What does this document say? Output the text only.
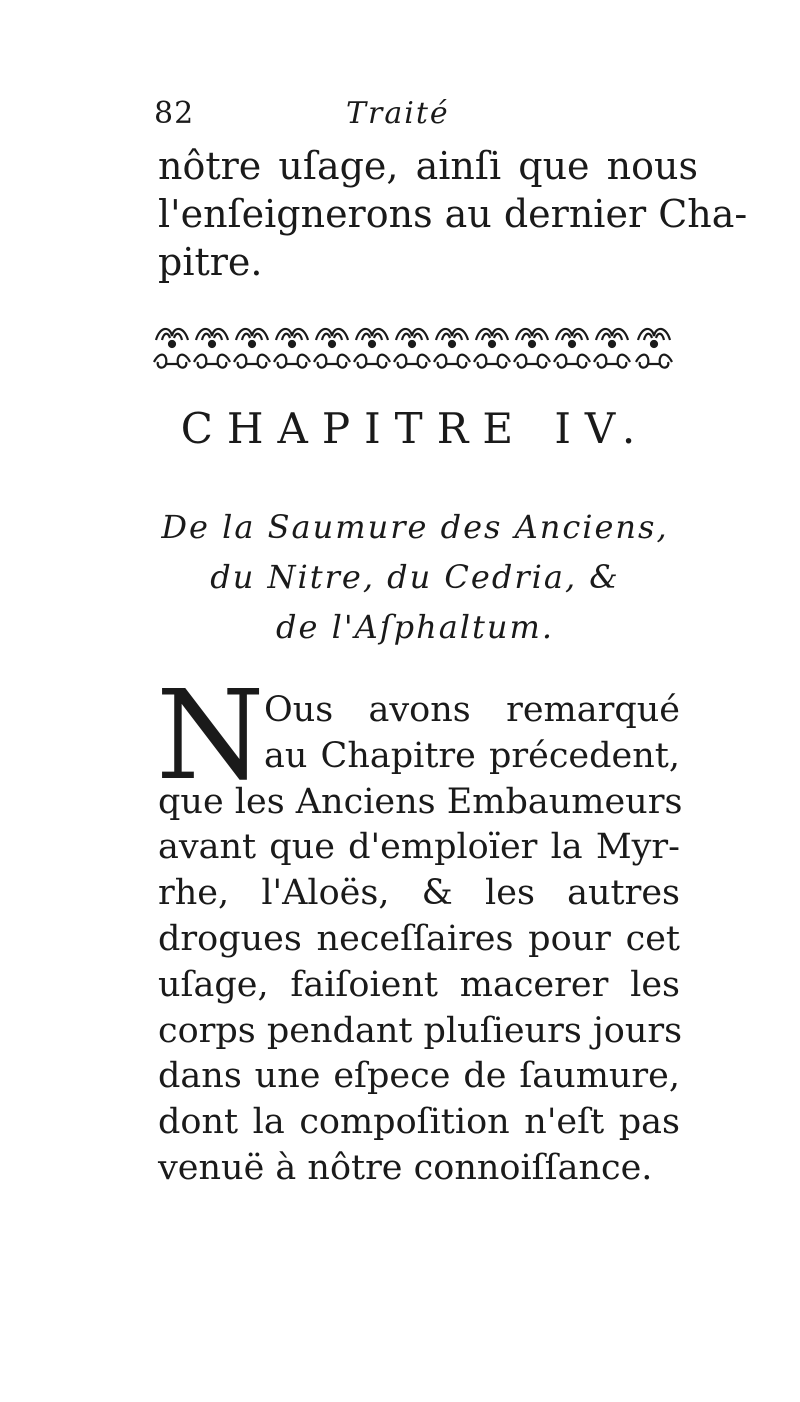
82	Traité
nôtre uſage, ainſi que nous
l'enſeignerons au dernier Cha-
pitre.
CHAPITRE IV.
De la Saumure des Anciens,
du Nitre, du Cedria, &
de l'Aſphaltum.
N Ous avons remarqué
au Chapitre précedent,
que les Anciens Embaumeurs
avant que d'emploïer la Myr-
rhe, l'Aloës, & les autres
drogues neceſſaires pour cet
uſage, faiſoient macerer les
corps pendant pluſieurs jours
dans une eſpece de ſaumure,
dont la compoſition n'eſt pas
venuë à nôtre connoiſſance.
